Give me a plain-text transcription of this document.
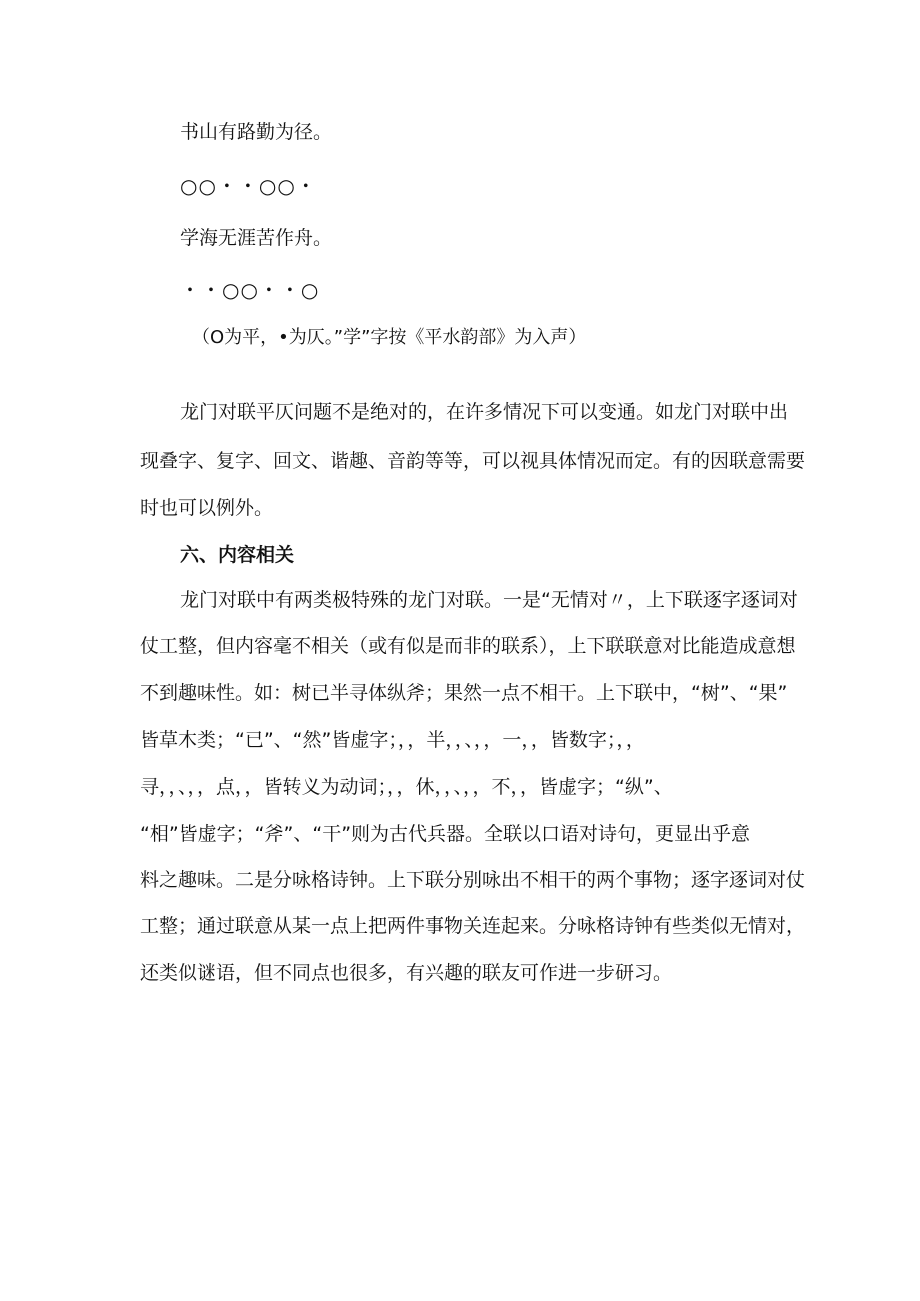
书山有路勤为径。
○○・・○○・
学海无涯苦作舟。
・・○○・・○
（O为平，•为仄。”学”字按《平水韵部》为入声）
龙门对联平仄问题不是绝对的，在许多情况下可以变通。如龙门对联中出
现叠字、复字、回文、谐趣、音韵等等，可以视具体情况而定。有的因联意需要
时也可以例外。
六、内容相关
龙门对联中有两类极特殊的龙门对联。一是“无情对〃，上下联逐字逐词对
仗工整，但内容毫不相关（或有似是而非的联系），上下联联意对比能造成意想
不到趣味性。如：树已半寻体纵斧；果然一点不相干。上下联中，“树”、“果”
皆草木类；“已”、“然”皆虚字；，，半，，、，，一，，皆数字；，，
寻，，、，，点，，皆转义为动词；，，休，，、，，不，，皆虚字；“纵”、
“相”皆虚字；“斧”、“干”则为古代兵器。全联以口语对诗句，更显出乎意
料之趣味。二是分咏格诗钟。上下联分别咏出不相干的两个事物；逐字逐词对仗
工整；通过联意从某一点上把两件事物关连起来。分咏格诗钟有些类似无情对，
还类似谜语，但不同点也很多，有兴趣的联友可作进一步研习。
